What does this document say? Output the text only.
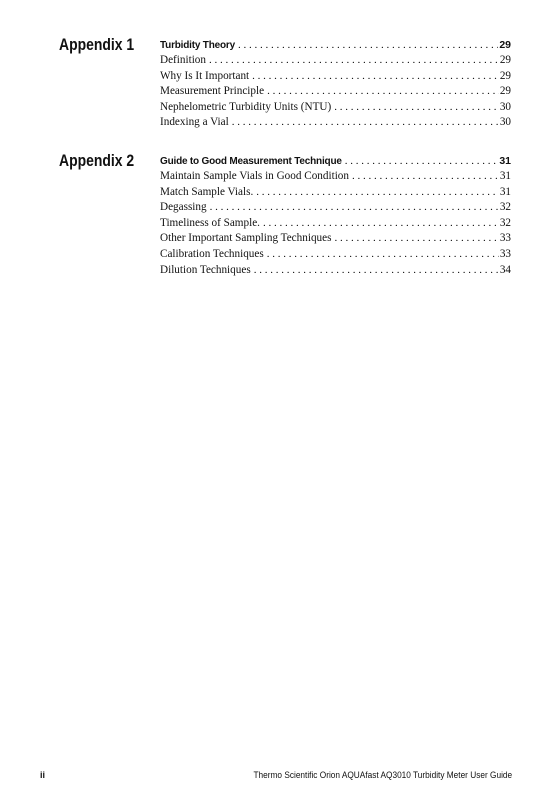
Appendix 1	Turbidity Theory . . .	29
Definition . . .	29
Why Is It Important . . .	29
Measurement Principle . . .	29
Nephelometric Turbidity Units (NTU) . . .	30
Indexing a Vial . . .	30
Appendix 2	Guide to Good Measurement Technique . . .	31
Maintain Sample Vials in Good Condition . . .	31
Match Sample Vials. . . .	31
Degassing . . .	32
Timeliness of Sample. . . .	32
Other Important Sampling Techniques . . .	33
Calibration Techniques . . .	33
Dilution Techniques . . .	34
ii	Thermo Scientific Orion AQUAfast AQ3010 Turbidity Meter User Guide
